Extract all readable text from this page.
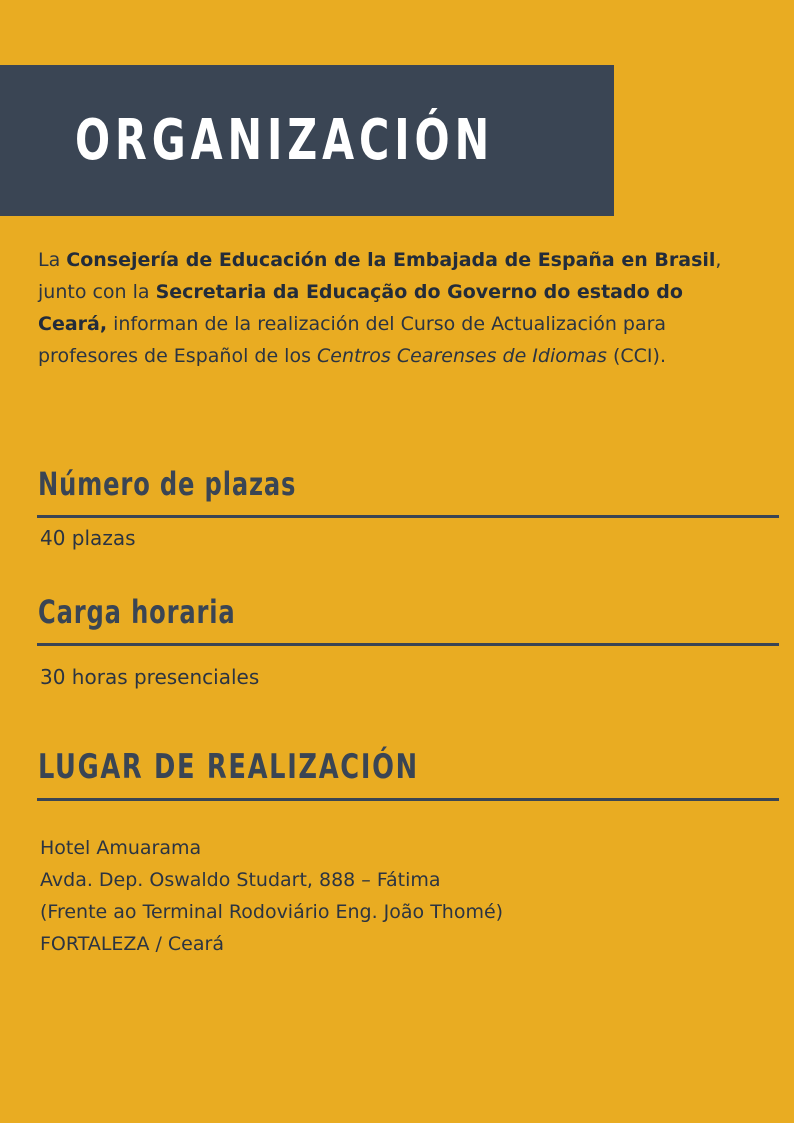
ORGANIZACIÓN

La Consejería de Educación de la Embajada de España en Brasil, junto con la Secretaria da Educação do Governo do estado do Ceará, informan de la realización del Curso de Actualización para profesores de Español de los Centros Cearenses de Idiomas (CCI).

Número de plazas

40 plazas

Carga horaria

30 horas presenciales

LUGAR DE REALIZACIÓN
Hotel Amuarama
Avda. Dep. Oswaldo Studart, 888 – Fátima
(Frente ao Terminal Rodoviário Eng. João Thomé)
FORTALEZA / Ceará
